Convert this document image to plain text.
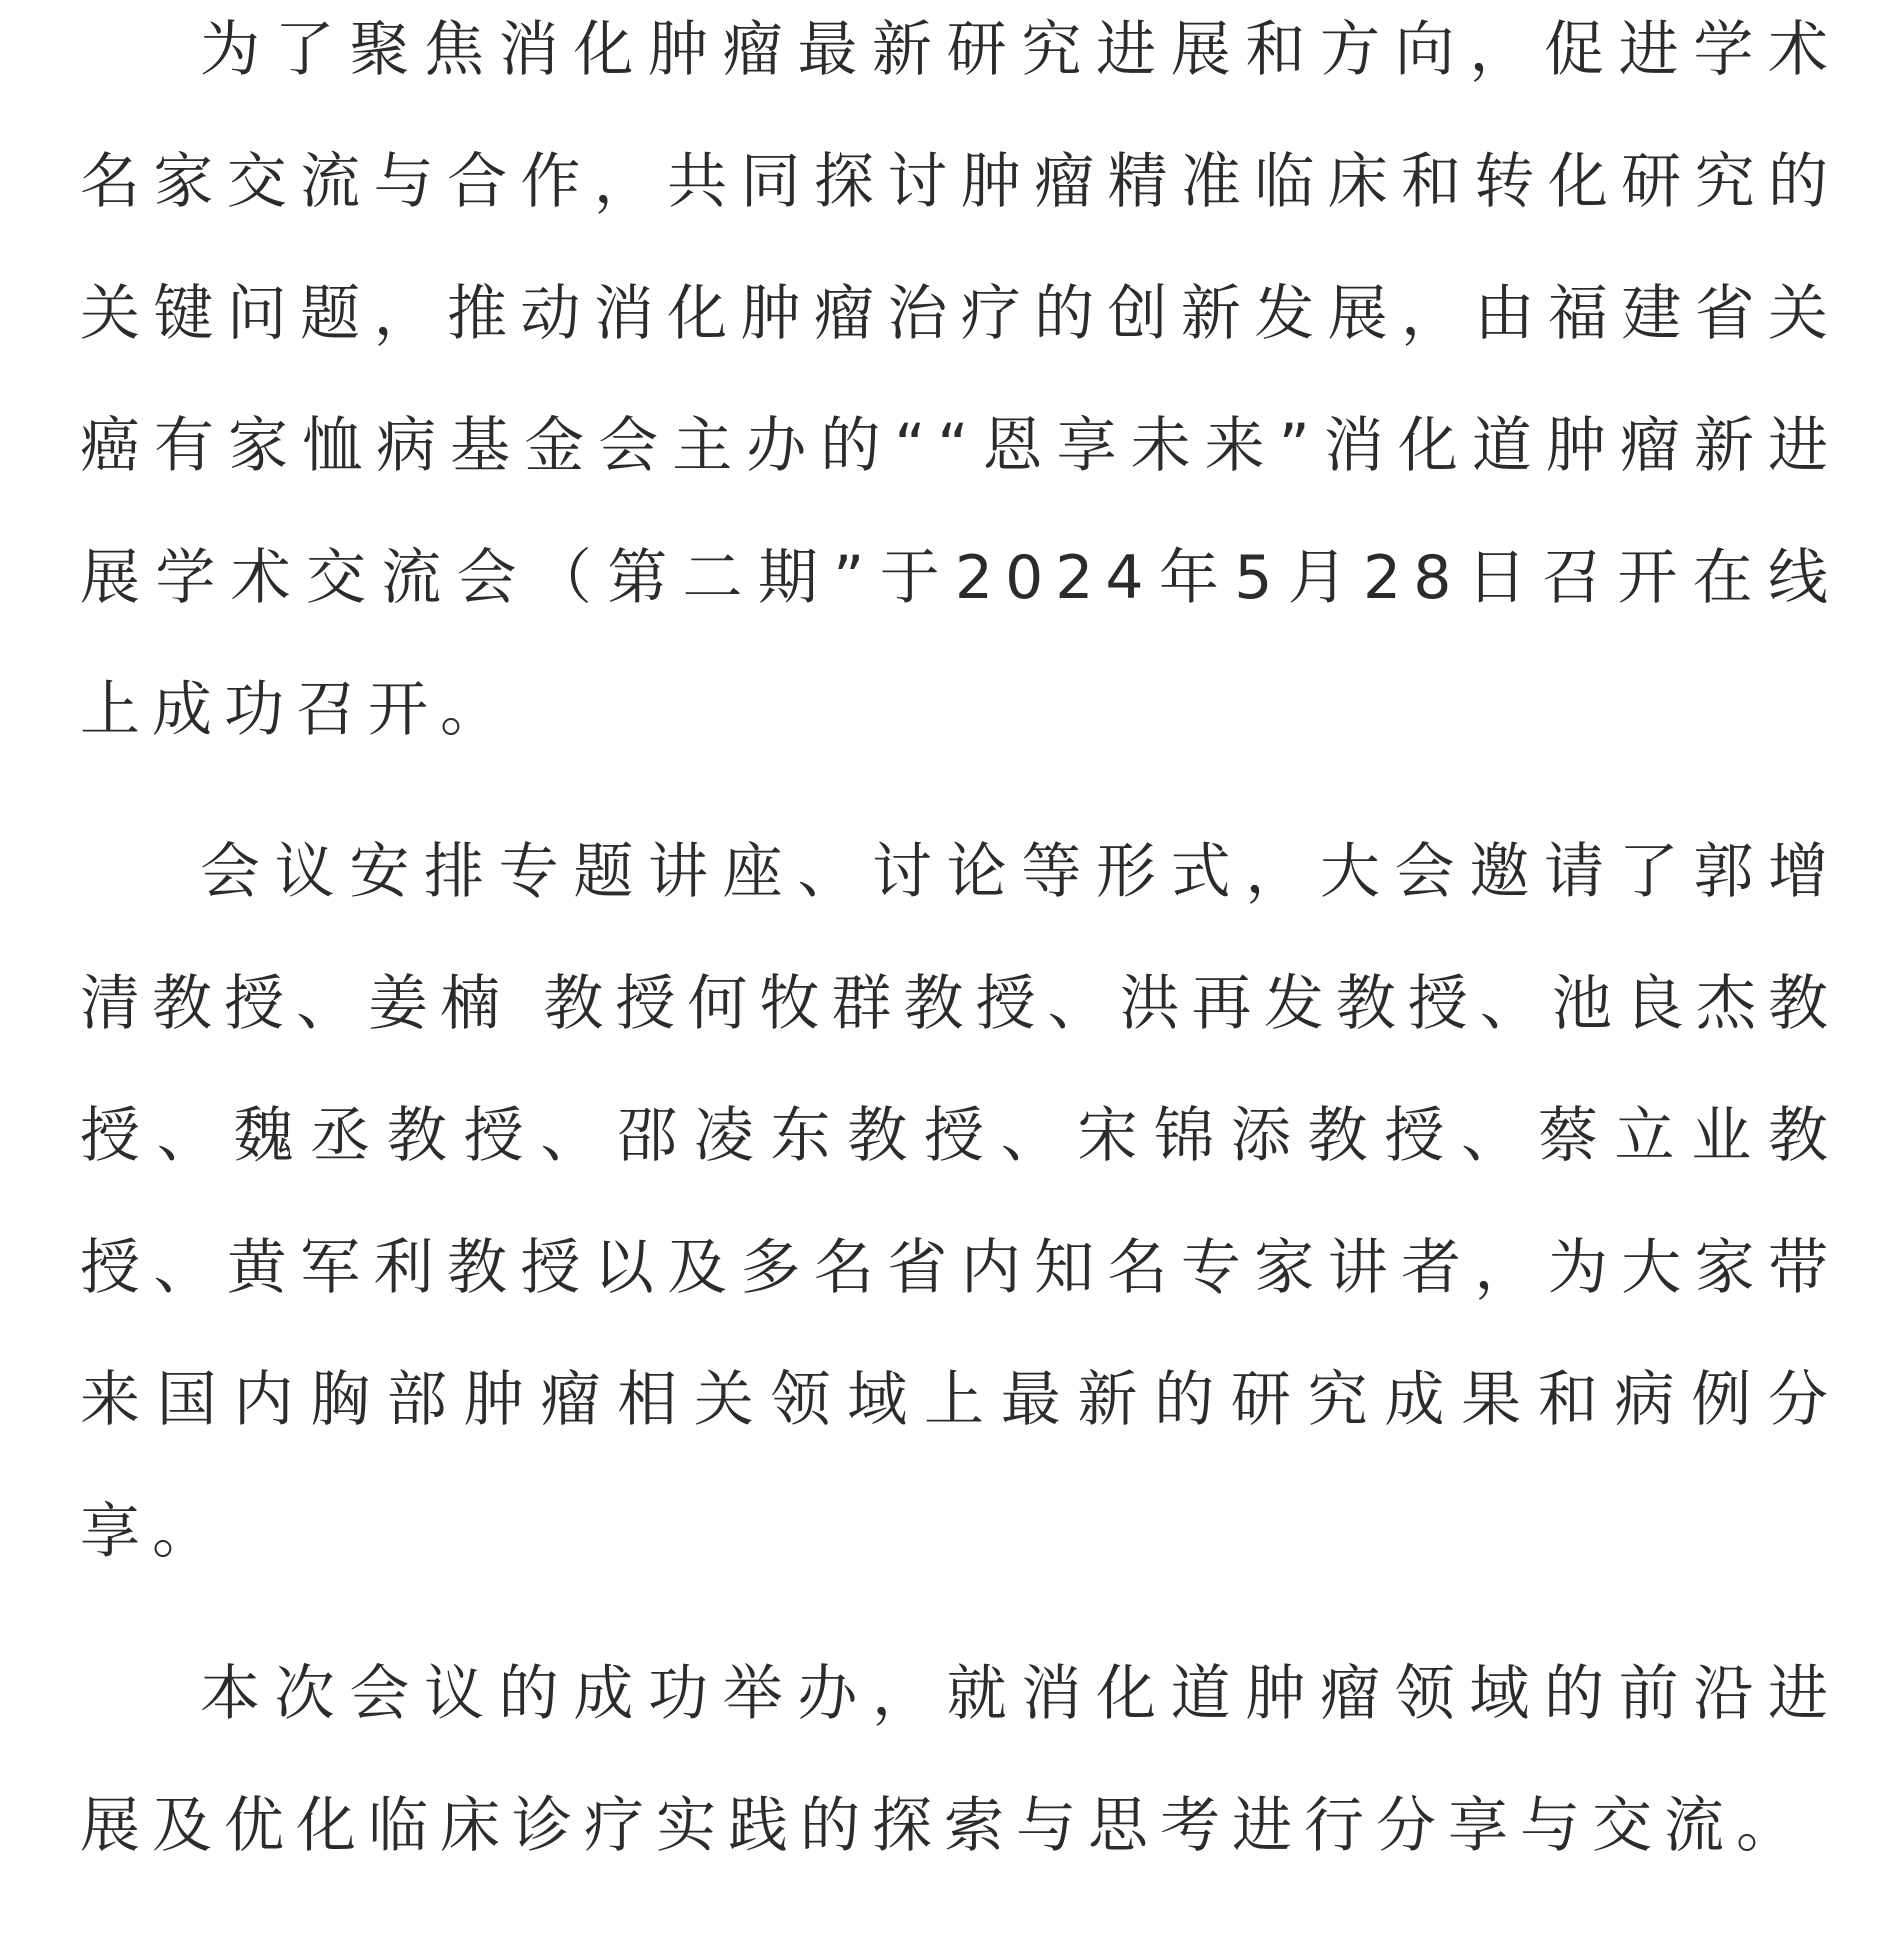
为了聚焦消化肿瘤最新研究进展和方向，促进学术名家交流与合作，共同探讨肿瘤精准临床和转化研究的关键问题，推动消化肿瘤治疗的创新发展，由福建省关癌有家恤病基金会主办的““恩享未来”消化道肿瘤新进展学术交流会（第二期”于2024年5月28日召开在线上成功召开。

会议安排专题讲座、讨论等形式，大会邀请了郭增清教授、姜楠 教授何牧群教授、洪再发教授、池良杰教授、魏丞教授、邵凌东教授、宋锦添教授、蔡立业教授、黄军利教授以及多名省内知名专家讲者，为大家带来国内胸部肿瘤相关领域上最新的研究成果和病例分享。

本次会议的成功举办，就消化道肿瘤领域的前沿进展及优化临床诊疗实践的探索与思考进行分享与交流。
